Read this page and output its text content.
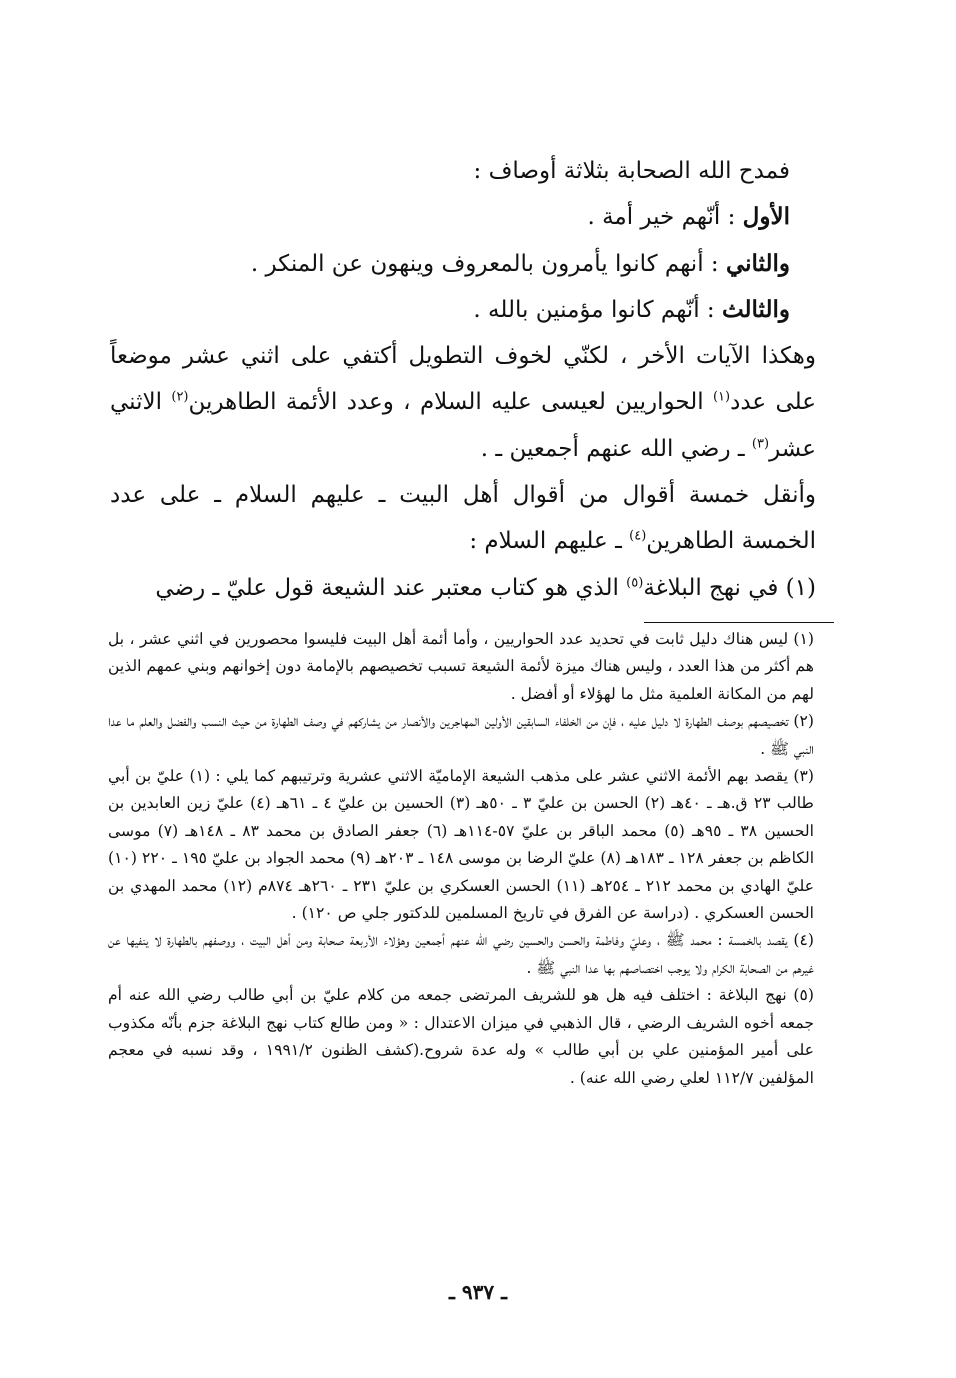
فمدح الله الصحابة بثلاثة أوصاف :

الأول : أنّهم خير أمة .

والثاني : أنهم كانوا يأمرون بالمعروف وينهون عن المنكر .

والثالث : أنّهم كانوا مؤمنين بالله .

وهكذا الآيات الأخر ، لكنّي لخوف التطويل أكتفي على اثني عشر موضعاً على عدد$^{(١)}$ الحواريين لعيسى عليه السلام ، وعدد الأئمة الطاهرين$^{(٢)}$ الاثني عشر$^{(٣)}$ ـ رضي الله عنهم أجمعين ـ .

وأنقل خمسة أقوال من أقوال أهل البيت ـ عليهم السلام ـ على عدد الخمسة الطاهرين$^{(٤)}$ ـ عليهم السلام :

(١) في نهج البلاغة$^{(٥)}$ الذي هو كتاب معتبر عند الشيعة قول عليّ ـ رضي

(١) ليس هناك دليل ثابت في تحديد عدد الحواريين ، وأما أئمة أهل البيت فليسوا محصورين في اثني عشر ، بل هم أكثر من هذا العدد ، وليس هناك ميزة لأئمة الشيعة تسبب تخصيصهم بالإمامة دون إخوانهم وبني عمهم الذين لهم من المكانة العلمية مثل ما لهؤلاء أو أفضل .

(٢) تخصيصهم بوصف الطهارة لا دليل عليه ، فإن من الخلفاء السابقين الأولين المهاجرين والأنصار من يشاركهم في وصف الطهارة من حيث النسب والفضل والعلم ما عدا النبي ﷺ .

(٣) يقصد بهم الأئمة الاثني عشر على مذهب الشيعة الإماميّة الاثني عشرية وترتيبهم كما يلي : (١) عليّ بن أبي طالب ٢٣ ق.هـ ـ ٤٠هـ (٢) الحسن بن عليّ ٣ ـ ٥٠هـ (٣) الحسين بن عليّ ٤ ـ ٦١هـ (٤) عليّ زين العابدين بن الحسين ٣٨ ـ ٩٥هـ (٥) محمد الباقر بن عليّ ٥٧-١١٤هـ (٦) جعفر الصادق بن محمد ٨٣ ـ ١٤٨هـ (٧) موسى الكاظم بن جعفر ١٢٨ ـ ١٨٣هـ (٨) عليّ الرضا بن موسى ١٤٨ ـ ٢٠٣هـ (٩) محمد الجواد بن عليّ ١٩٥ ـ ٢٢٠ (١٠) عليّ الهادي بن محمد ٢١٢ ـ ٢٥٤هـ (١١) الحسن العسكري بن عليّ ٢٣١ ـ ٢٦٠هـ ٨٧٤م (١٢) محمد المهدي بن الحسن العسكري . (دراسة عن الفرق في تاريخ المسلمين للدكتور جلي ص ١٢٠) .

(٤) يقصد بالخمسة : محمد ﷺ ، وعليّ وفاطمة والحسن والحسين رضي الله عنهم أجمعين وهؤلاء الأربعة صحابة ومن أهل البيت ، ووصفهم بالطهارة لا ينفيها عن غيرهم من الصحابة الكرام ولا يوجب اختصاصهم بها عدا النبي ﷺ .

(٥) نهج البلاغة : اختلف فيه هل هو للشريف المرتضى جمعه من كلام عليّ بن أبي طالب رضي الله عنه أم جمعه أخوه الشريف الرضي ، قال الذهبي في ميزان الاعتدال : « ومن طالع كتاب نهج البلاغة جزم بأنّه مكذوب على أمير المؤمنين علي بن أبي طالب » وله عدة شروح.(كشف الظنون ١٩٩١/٢ ، وقد نسبه في معجم المؤلفين ١١٢/٧ لعلي رضي الله عنه) .

ـ ٩٣٧ ـ
